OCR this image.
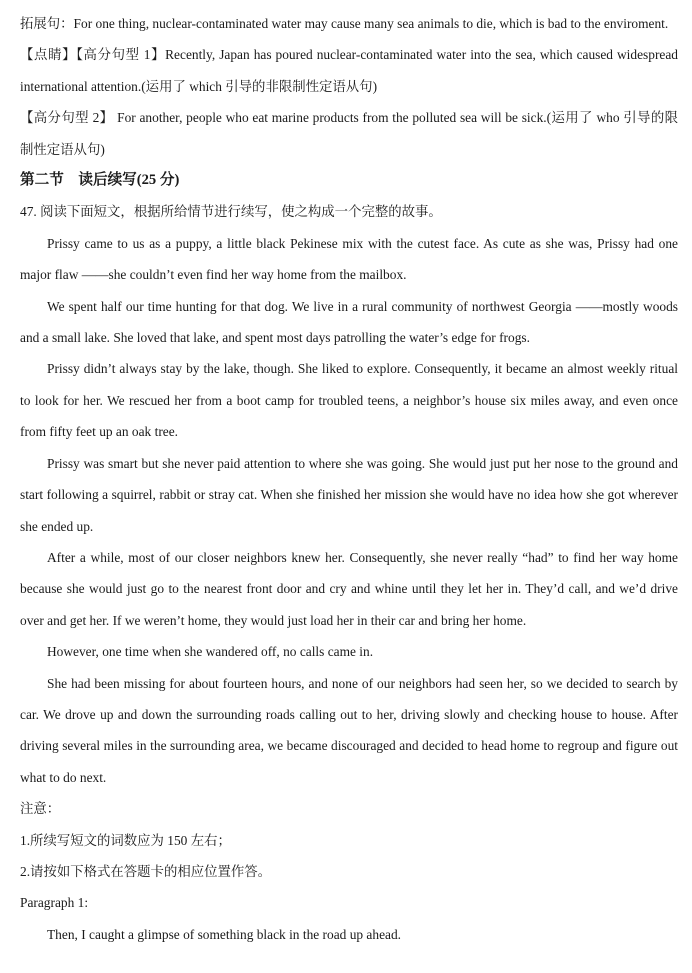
拓展句：For one thing, nuclear-contaminated water may cause many sea animals to die, which is bad to the enviroment.

【点睛】【高分句型 1】Recently, Japan has poured nuclear-contaminated water into the sea, which caused widespread international attention.(运用了 which 引导的非限制性定语从句)

【高分句型 2】 For another, people who eat marine products from the polluted sea will be sick.(运用了 who 引导的限制性定语从句)

第二节　读后续写(25 分)

47. 阅读下面短文，根据所给情节进行续写，使之构成一个完整的故事。

Prissy came to us as a puppy, a little black Pekinese mix with the cutest face. As cute as she was, Prissy had one major flaw ——she couldn’t even find her way home from the mailbox.

We spent half our time hunting for that dog. We live in a rural community of northwest Georgia ——mostly woods and a small lake. She loved that lake, and spent most days patrolling the water’s edge for frogs.

Prissy didn’t always stay by the lake, though. She liked to explore. Consequently, it became an almost weekly ritual to look for her. We rescued her from a boot camp for troubled teens, a neighbor’s house six miles away, and even once from fifty feet up an oak tree.

Prissy was smart but she never paid attention to where she was going. She would just put her nose to the ground and start following a squirrel, rabbit or stray cat. When she finished her mission she would have no idea how she got wherever she ended up.

After a while, most of our closer neighbors knew her. Consequently, she never really “had” to find her way home because she would just go to the nearest front door and cry and whine until they let her in. They’d call, and we’d drive over and get her. If we weren’t home, they would just load her in their car and bring her home.

However, one time when she wandered off, no calls came in.

She had been missing for about fourteen hours, and none of our neighbors had seen her, so we decided to search by car. We drove up and down the surrounding roads calling out to her, driving slowly and checking house to house. After driving several miles in the surrounding area, we became discouraged and decided to head home to regroup and figure out what to do next.

注意：

1.所续写短文的词数应为 150 左右；

2.请按如下格式在答题卡的相应位置作答。

Paragraph 1:

Then, I caught a glimpse of something black in the road up ahead.
